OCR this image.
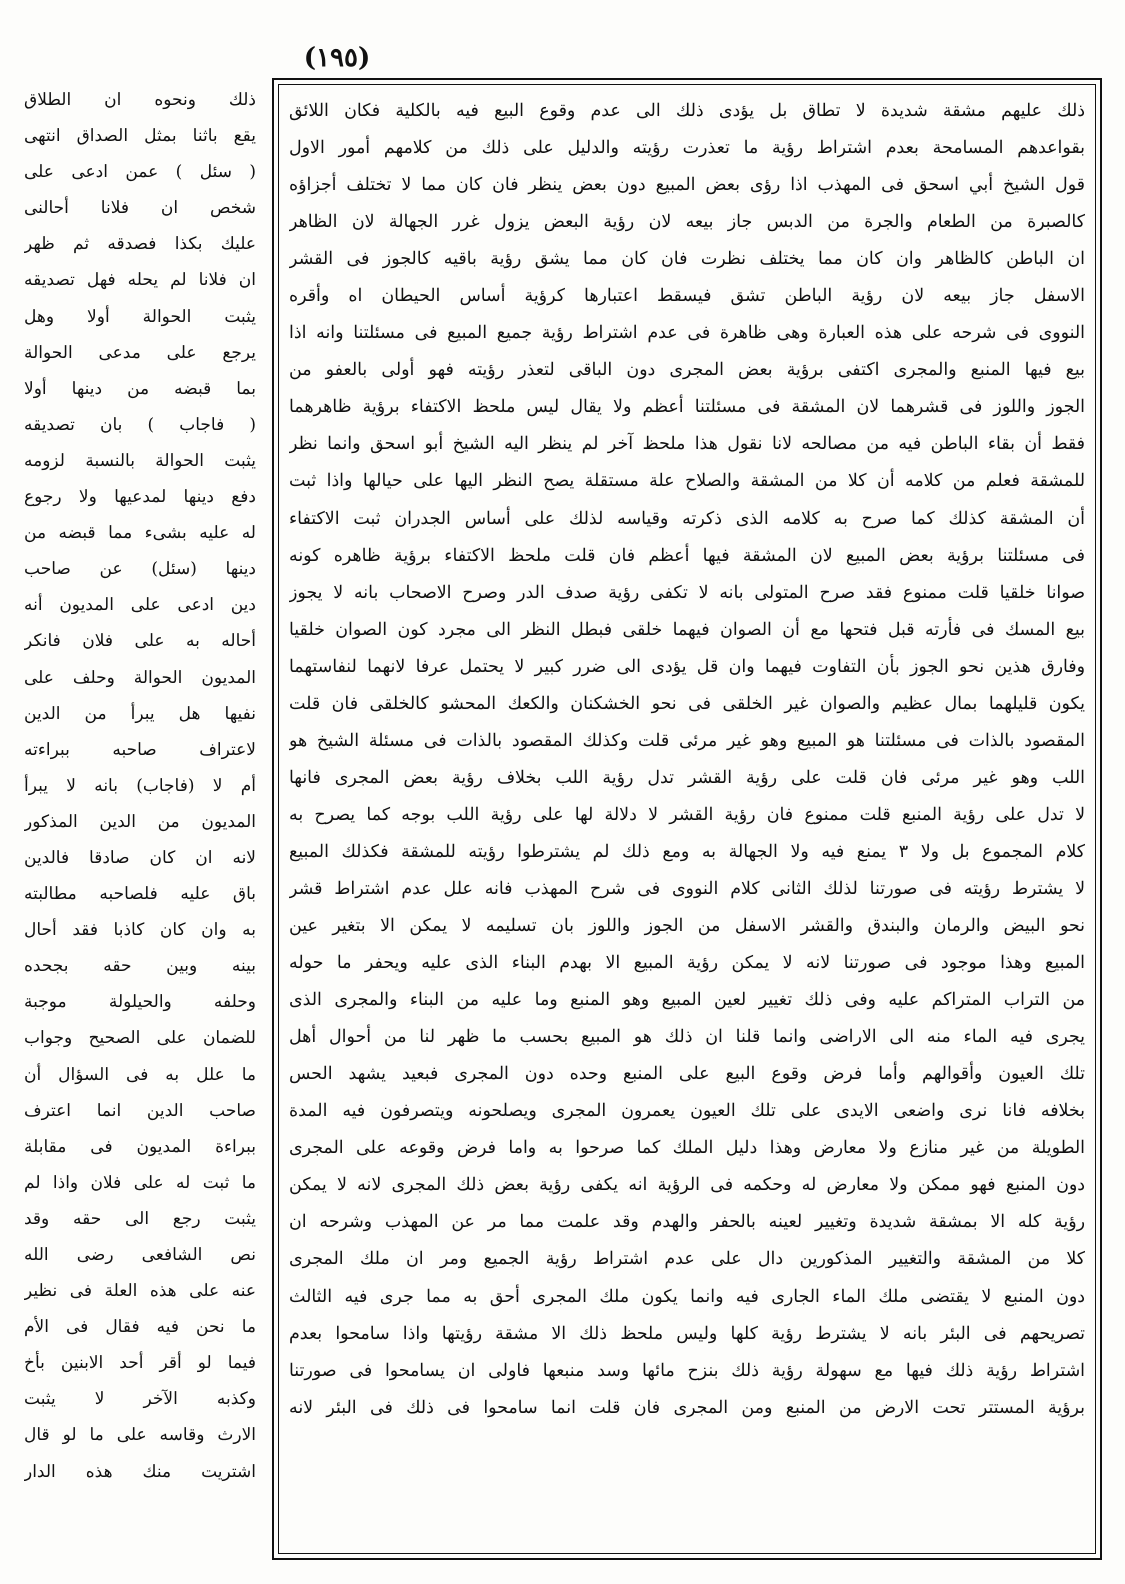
(١٩٥)
ذلك ونحوه ان الطلاق
يقع باثنا بمثل الصداق انتهى
( سئل ) عمن ادعى على
شخص ان فلانا أحالنى
عليك بكذا فصدقه ثم ظهر
ان فلانا لم يحله فهل تصديقه
يثبت الحوالة أولا وهل
يرجع على مدعى الحوالة
بما قبضه من دينها أولا
( فاجاب ) بان تصديقه
يثبت الحوالة بالنسبة لزومه
دفع دينها لمدعيها ولا رجوع
له عليه بشىء مما قبضه من
دينها (سئل) عن صاحب
دين ادعى على المديون أنه
أحاله به على فلان فانكر
المديون الحوالة وحلف على
نفيها هل يبرأ من الدين
لاعتراف صاحبه ببراءته
أم لا (فاجاب) بانه لا يبرأ
المديون من الدين المذكور
لانه ان كان صادقا فالدين
باق عليه فلصاحبه مطالبته
به وان كان كاذبا فقد أحال
بينه وبين حقه بجحده
وحلفه والحيلولة موجبة
للضمان على الصحيح وجواب
ما علل به فى السؤال أن
صاحب الدين انما اعترف
ببراءة المديون فى مقابلة
ما ثبت له على فلان واذا لم
يثبت رجع الى حقه وقد
نص الشافعى رضى الله
عنه على هذه العلة فى نظير
ما نحن فيه فقال فى الأم
فيما لو أقر أحد الابنين بأخ
وكذبه الآخر لا يثبت
الارث وقاسه على ما لو قال
اشتريت منك هذه الدار
ذلك عليهم مشقة شديدة لا تطاق بل يؤدى ذلك الى عدم وقوع البيع فيه بالكلية فكان اللائق
بقواعدهم المسامحة بعدم اشتراط رؤية ما تعذرت رؤيته والدليل على ذلك من كلامهم أمور الاول
قول الشيخ أبي اسحق فى المهذب اذا رؤى بعض المبيع دون بعض ينظر فان كان مما لا تختلف أجزاؤه
كالصبرة من الطعام والجرة من الدبس جاز بيعه لان رؤية البعض يزول غرر الجهالة لان الظاهر
ان الباطن كالظاهر وان كان مما يختلف نظرت فان كان مما يشق رؤية باقيه كالجوز فى القشر
الاسفل جاز بيعه لان رؤية الباطن تشق فيسقط اعتبارها كرؤية أساس الحيطان اه وأقره
النووى فى شرحه على هذه العبارة وهى ظاهرة فى عدم اشتراط رؤية جميع المبيع فى مسئلتنا وانه اذا
بيع فيها المنبع والمجرى اكتفى برؤية بعض المجرى دون الباقى لتعذر رؤيته فهو أولى بالعفو من
الجوز واللوز فى قشرهما لان المشقة فى مسئلتنا أعظم ولا يقال ليس ملحظ الاكتفاء برؤية ظاهرهما
فقط أن بقاء الباطن فيه من مصالحه لانا نقول هذا ملحظ آخر لم ينظر اليه الشيخ أبو اسحق وانما نظر
للمشقة فعلم من كلامه أن كلا من المشقة والصلاح علة مستقلة يصح النظر اليها على حيالها واذا ثبت
أن المشقة كذلك كما صرح به كلامه الذى ذكرته وقياسه لذلك على أساس الجدران ثبت الاكتفاء
فى مسئلتنا برؤية بعض المبيع لان المشقة فيها أعظم فان قلت ملحظ الاكتفاء برؤية ظاهره كونه
صوانا خلقيا قلت ممنوع فقد صرح المتولى بانه لا تكفى رؤية صدف الدر وصرح الاصحاب بانه لا يجوز
بيع المسك فى فأرته قبل فتحها مع أن الصوان فيهما خلقى فبطل النظر الى مجرد كون الصوان خلقيا
وفارق هذين نحو الجوز بأن التفاوت فيهما وان قل يؤدى الى ضرر كبير لا يحتمل عرفا لانهما لنفاستهما
يكون قليلهما بمال عظيم والصوان غير الخلقى فى نحو الخشكنان والكعك المحشو كالخلقى فان قلت
المقصود بالذات فى مسئلتنا هو المبيع وهو غير مرئى قلت وكذلك المقصود بالذات فى مسئلة الشيخ هو
اللب وهو غير مرئى فان قلت على رؤية القشر تدل رؤية اللب بخلاف رؤية بعض المجرى فانها
لا تدل على رؤية المنبع قلت ممنوع فان رؤية القشر لا دلالة لها على رؤية اللب بوجه كما يصرح به
كلام المجموع بل ولا ٣ يمنع فيه ولا الجهالة به ومع ذلك لم يشترطوا رؤيته للمشقة فكذلك المبيع
لا يشترط رؤيته فى صورتنا لذلك الثانى كلام النووى فى شرح المهذب فانه علل عدم اشتراط قشر
نحو البيض والرمان والبندق والقشر الاسفل من الجوز واللوز بان تسليمه لا يمكن الا بتغير عين
المبيع وهذا موجود فى صورتنا لانه لا يمكن رؤية المبيع الا بهدم البناء الذى عليه ويحفر ما حوله
من التراب المتراكم عليه وفى ذلك تغيير لعين المبيع وهو المنبع وما عليه من البناء والمجرى الذى
يجرى فيه الماء منه الى الاراضى وانما قلنا ان ذلك هو المبيع بحسب ما ظهر لنا من أحوال أهل
تلك العيون وأقوالهم وأما فرض وقوع البيع على المنبع وحده دون المجرى فبعيد يشهد الحس
بخلافه فانا نرى واضعى الايدى على تلك العيون يعمرون المجرى ويصلحونه ويتصرفون فيه المدة
الطويلة من غير منازع ولا معارض وهذا دليل الملك كما صرحوا به واما فرض وقوعه على المجرى
دون المنبع فهو ممكن ولا معارض له وحكمه فى الرؤية انه يكفى رؤية بعض ذلك المجرى لانه لا يمكن
رؤية كله الا بمشقة شديدة وتغيير لعينه بالحفر والهدم وقد علمت مما مر عن المهذب وشرحه ان
كلا من المشقة والتغيير المذكورين دال على عدم اشتراط رؤية الجميع ومر ان ملك المجرى
دون المنبع لا يقتضى ملك الماء الجارى فيه وانما يكون ملك المجرى أحق به مما جرى فيه الثالث
تصريحهم فى البئر بانه لا يشترط رؤية كلها وليس ملحظ ذلك الا مشقة رؤيتها واذا سامحوا بعدم
اشتراط رؤية ذلك فيها مع سهولة رؤية ذلك بنزح مائها وسد منبعها فاولى ان يسامحوا فى صورتنا
برؤية المستتر تحت الارض من المنبع ومن المجرى فان قلت انما سامحوا فى ذلك فى البئر لانه
